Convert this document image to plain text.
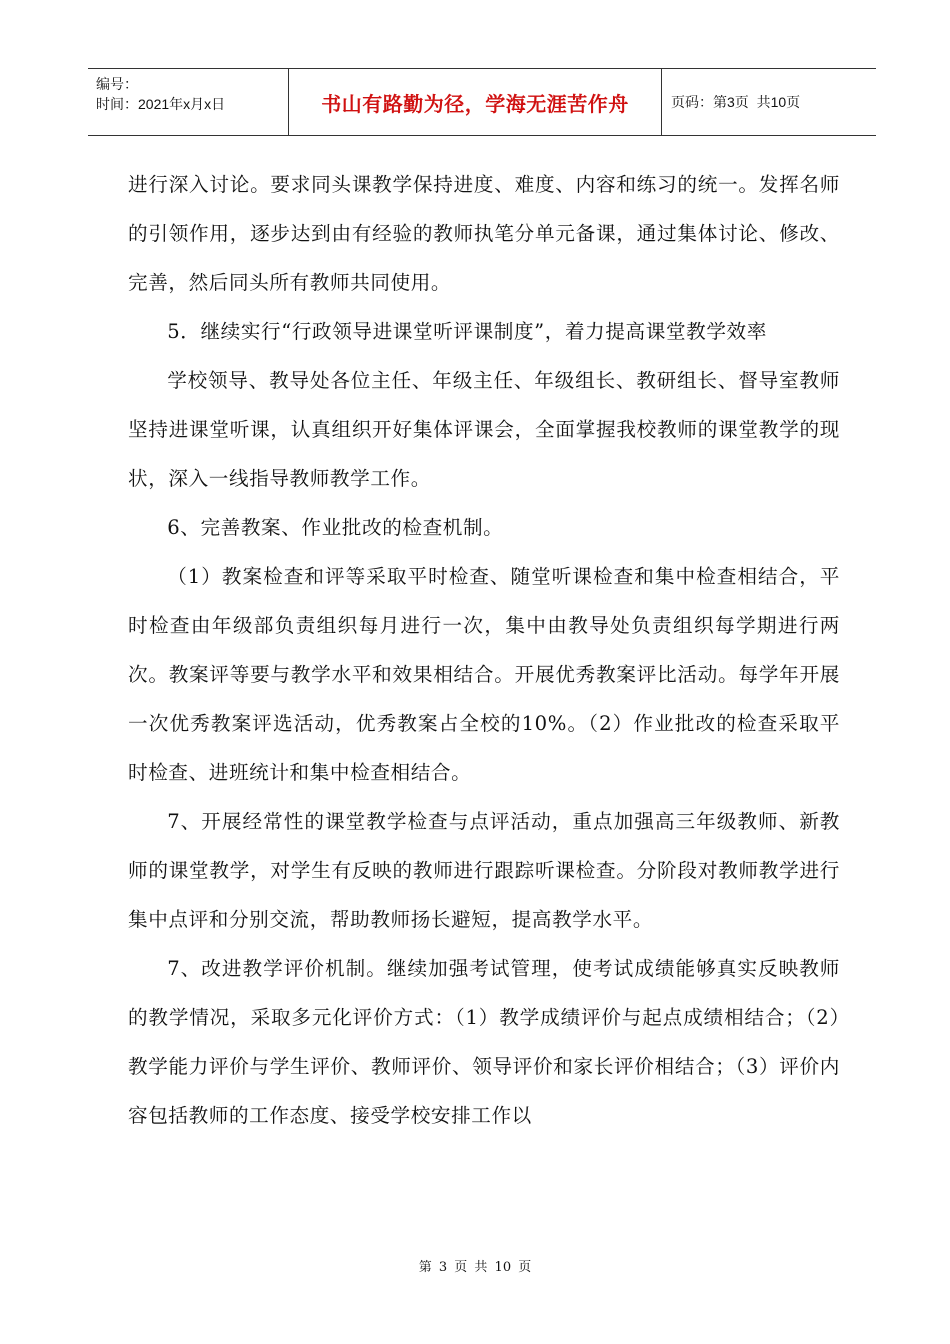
编号：
时间：2021年x月x日	书山有路勤为径，学海无涯苦作舟	页码：第3页  共10页

进行深入讨论。要求同头课教学保持进度、难度、内容和练习的统一。发挥名师的引领作用，逐步达到由有经验的教师执笔分单元备课，通过集体讨论、修改、完善，然后同头所有教师共同使用。

5．继续实行“行政领导进课堂听评课制度”，着力提高课堂教学效率

学校领导、教导处各位主任、年级主任、年级组长、教研组长、督导室教师坚持进课堂听课，认真组织开好集体评课会，全面掌握我校教师的课堂教学的现状，深入一线指导教师教学工作。

6、完善教案、作业批改的检查机制。

（1）教案检查和评等采取平时检查、随堂听课检查和集中检查相结合，平时检查由年级部负责组织每月进行一次，集中由教导处负责组织每学期进行两次。教案评等要与教学水平和效果相结合。开展优秀教案评比活动。每学年开展一次优秀教案评选活动，优秀教案占全校的10%。（2）作业批改的检查采取平时检查、进班统计和集中检查相结合。

7、开展经常性的课堂教学检查与点评活动，重点加强高三年级教师、新教师的课堂教学，对学生有反映的教师进行跟踪听课检查。分阶段对教师教学进行集中点评和分别交流，帮助教师扬长避短，提高教学水平。

7、改进教学评价机制。继续加强考试管理，使考试成绩能够真实反映教师的教学情况，采取多元化评价方式：（1）教学成绩评价与起点成绩相结合；（2）教学能力评价与学生评价、教师评价、领导评价和家长评价相结合；（3）评价内容包括教师的工作态度、接受学校安排工作以

第 3 页 共 10 页
